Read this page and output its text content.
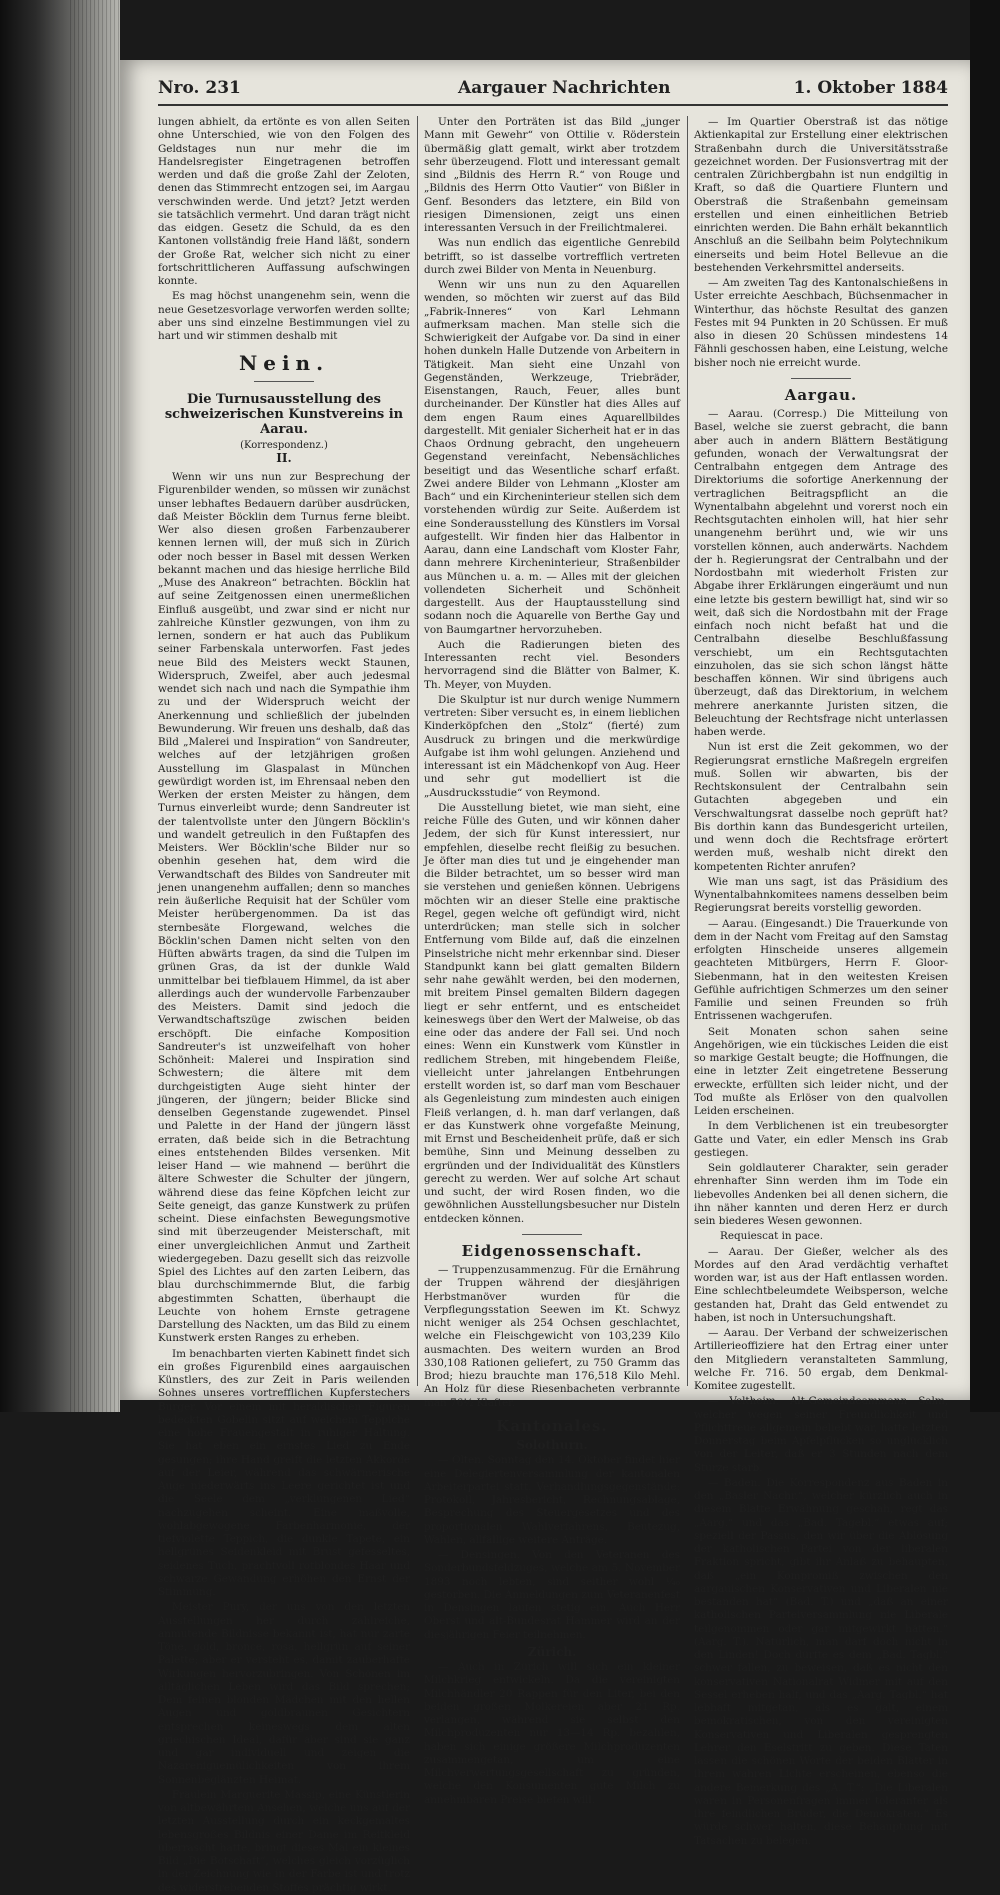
Nro. 231	Aargauer Nachrichten	1. Oktober 1884

lungen abhielt, da ertönte es von allen Seiten ohne Unterschied, wie von den Folgen des Geldstages nun nur mehr die im Handelsregister Eingetragenen betroffen werden und daß die große Zahl der Zeloten, denen das Stimmrecht entzogen sei, im Aargau verschwinden werde. Und jetzt? Jetzt werden sie tatsächlich vermehrt. Und daran trägt nicht das eidgen. Gesetz die Schuld, da es den Kantonen vollständig freie Hand läßt, sondern der Große Rat, welcher sich nicht zu einer fortschrittlicheren Auffassung aufschwingen konnte.

Es mag höchst unangenehm sein, wenn die neue Gesetzesvorlage verworfen werden sollte; aber uns sind einzelne Bestimmungen viel zu hart und wir stimmen deshalb mit

Nein.
Die Turnusausstellung des schweizerischen Kunstvereins in Aarau.
(Korrespondenz.)
II.

Wenn wir uns nun zur Besprechung der Figurenbilder wenden, so müssen wir zunächst unser lebhaftes Bedauern darüber ausdrücken, daß Meister Böcklin dem Turnus ferne bleibt. Wer also diesen großen Farbenzauberer kennen lernen will, der muß sich in Zürich oder noch besser in Basel mit dessen Werken bekannt machen und das hiesige herrliche Bild „Muse des Anakreon“ betrachten. Böcklin hat auf seine Zeitgenossen einen unermeßlichen Einfluß ausgeübt, und zwar sind er nicht nur zahlreiche Künstler gezwungen, von ihm zu lernen, sondern er hat auch das Publikum seiner Farbenskala unterworfen. Fast jedes neue Bild des Meisters weckt Staunen, Widerspruch, Zweifel, aber auch jedesmal wendet sich nach und nach die Sympathie ihm zu und der Widerspruch weicht der Anerkennung und schließlich der jubelnden Bewunderung. Wir freuen uns deshalb, daß das Bild „Malerei und Inspiration“ von Sandreuter, welches auf der letzjährigen großen Ausstellung im Glaspalast in München gewürdigt worden ist, im Ehrensaal neben den Werken der ersten Meister zu hängen, dem Turnus einverleibt wurde; denn Sandreuter ist der talentvollste unter den Jüngern Böcklin's und wandelt getreulich in den Fußtapfen des Meisters. Wer Böcklin'sche Bilder nur so obenhin gesehen hat, dem wird die Verwandtschaft des Bildes von Sandreuter mit jenen unangenehm auffallen; denn so manches rein äußerliche Requisit hat der Schüler vom Meister herübergenommen. Da ist das sternbesäte Florgewand, welches die Böcklin'schen Damen nicht selten von den Hüften abwärts tragen, da sind die Tulpen im grünen Gras, da ist der dunkle Wald unmittelbar bei tiefblauem Himmel, da ist aber allerdings auch der wundervolle Farbenzauber des Meisters. Damit sind jedoch die Verwandtschaftszüge zwischen beiden erschöpft. Die einfache Komposition Sandreuter's ist unzweifelhaft von hoher Schönheit: Malerei und Inspiration sind Schwestern; die ältere mit dem durchgeistigten Auge sieht hinter der jüngeren, der jüngern; beider Blicke sind denselben Gegenstande zugewendet. Pinsel und Palette in der Hand der jüngern lässt erraten, daß beide sich in die Betrachtung eines entstehenden Bildes versenken. Mit leiser Hand — wie mahnend — berührt die ältere Schwester die Schulter der jüngern, während diese das feine Köpfchen leicht zur Seite geneigt, das ganze Kunstwerk zu prüfen scheint. Diese einfachsten Bewegungsmotive sind mit überzeugender Meisterschaft, mit einer unvergleichlichen Anmut und Zartheit wiedergegeben. Dazu gesellt sich das reizvolle Spiel des Lichtes auf den zarten Leibern, das blau durchschimmernde Blut, die farbig abgestimmten Schatten, überhaupt die Leuchte von hohem Ernste getragene Darstellung des Nackten, um das Bild zu einem Kunstwerk ersten Ranges zu erheben.

Im benachbarten vierten Kabinett findet sich ein großes Figurenbild eines aargauischen Künstlers, des zur Zeit in Paris weilenden Sohnes unseres vortrefflichen Kupferstechers Burger. Vor einem mit heraldischen Figuren bedeckten Gobelin sitzt auf weichem Teppiche eine hohe Frauengestalt in ruhiger Haltung. Sie hat eben ein ernstes Lied zu Ende gesungen; ihre Hand greift die letzten Akkorde auf der Leier, während das schwärmerische Auge niederwärts ins Leere gerichtet ist und die Seele dem „verklungenen Lied“ nachzugehen scheint. Eine maßvolle, wohlabgewogene Farbenharmonie, der tiefviolette Teppich, die dunkle Tapete, ein hellgrünes Seidenkleid mit Brust gefesseltes, seidenes Tuch, prachtvoll rotblondes Haar und schwarze Gewandung erhöhen den Ernst der Stimmung.

Meister Pury, der uns von den letzten Ausstellungen her durch zahlreiche, anmutende Bildnisse bekannt ist, hat nur zarte Töne, gold, bronce, rosa, hellgrün auf seiner Palette; aber er versteht es, damit zauberhafte Wirkungen hervorzubringen. Von Schönen im alltäglichen Leben wird das Bild sprechen; Dem feinen blonden Mädchen mit den hellen Augen und goldbraunen Gesichtern entsprechen keineswegs dem alten griechischen Ideal, dafür aber sind sie ganz und gar individuell und zeigen die Nazareniguemülichkeiten von ihrem Sonnenbeglänzten Heimat.

Fräulein Marguerite Massip, eine Künstlerin von altbewährtem Ansehen, welche uns auf der letzten Ausstellung durch ein keckgemaltes lebensgroßes Bildnis einer Dame im Reitkleid überrascht hatte, bringt dieses Mal ein kleines Bild „Die Botschaft“, welches gleich vorzüglich in der Zeichnung wie in der Farbe ist und trotz des widerstrebenden Stoffes prächtig wirkt.

Unter den Porträten ist das Bild „junger Mann mit Gewehr“ von Ottilie v. Röderstein übermäßig glatt gemalt, wirkt aber trotzdem sehr überzeugend. Flott und interessant gemalt sind „Bildnis des Herrn R.“ von Rouge und „Bildnis des Herrn Otto Vautier“ von Bißler in Genf. Besonders das letztere, ein Bild von riesigen Dimensionen, zeigt uns einen interessanten Versuch in der Freilichtmalerei.

Was nun endlich das eigentliche Genrebild betrifft, so ist dasselbe vortrefflich vertreten durch zwei Bilder von Menta in Neuenburg.

Wenn wir uns nun zu den Aquarellen wenden, so möchten wir zuerst auf das Bild „Fabrik-Inneres“ von Karl Lehmann aufmerksam machen. Man stelle sich die Schwierigkeit der Aufgabe vor. Da sind in einer hohen dunkeln Halle Dutzende von Arbeitern in Tätigkeit. Man sieht eine Unzahl von Gegenständen, Werkzeuge, Triebräder, Eisenstangen, Rauch, Feuer, alles bunt durcheinander. Der Künstler hat dies Alles auf dem engen Raum eines Aquarellbildes dargestellt. Mit genialer Sicherheit hat er in das Chaos Ordnung gebracht, den ungeheuern Gegenstand vereinfacht, Nebensächliches beseitigt und das Wesentliche scharf erfaßt. Zwei andere Bilder von Lehmann „Kloster am Bach“ und ein Kircheninterieur stellen sich dem vorstehenden würdig zur Seite. Außerdem ist eine Sonderausstellung des Künstlers im Vorsal aufgestellt. Wir finden hier das Halbentor in Aarau, dann eine Landschaft vom Kloster Fahr, dann mehrere Kircheninterieur, Straßenbilder aus München u. a. m. — Alles mit der gleichen vollendeten Sicherheit und Schönheit dargestellt. Aus der Hauptausstellung sind sodann noch die Aquarelle von Berthe Gay und von Baumgartner hervorzuheben.

Auch die Radierungen bieten des Interessanten recht viel. Besonders hervorragend sind die Blätter von Balmer, K. Th. Meyer, von Muyden.

Die Skulptur ist nur durch wenige Nummern vertreten: Siber versucht es, in einem lieblichen Kinderköpfchen den „Stolz“ (fierté) zum Ausdruck zu bringen und die merkwürdige Aufgabe ist ihm wohl gelungen. Anziehend und interessant ist ein Mädchenkopf von Aug. Heer und sehr gut modelliert ist die „Ausdrucksstudie“ von Reymond.

Die Ausstellung bietet, wie man sieht, eine reiche Fülle des Guten, und wir können daher Jedem, der sich für Kunst interessiert, nur empfehlen, dieselbe recht fleißig zu besuchen. Je öfter man dies tut und je eingehender man die Bilder betrachtet, um so besser wird man sie verstehen und genießen können. Uebrigens möchten wir an dieser Stelle eine praktische Regel, gegen welche oft gefündigt wird, nicht unterdrücken; man stelle sich in solcher Entfernung vom Bilde auf, daß die einzelnen Pinselstriche nicht mehr erkennbar sind. Dieser Standpunkt kann bei glatt gemalten Bildern sehr nahe gewählt werden, bei den modernen, mit breitem Pinsel gemalten Bildern dagegen liegt er sehr entfernt, und es entscheidet keineswegs über den Wert der Malweise, ob das eine oder das andere der Fall sei. Und noch eines: Wenn ein Kunstwerk vom Künstler in redlichem Streben, mit hingebendem Fleiße, vielleicht unter jahrelangen Entbehrungen erstellt worden ist, so darf man vom Beschauer als Gegenleistung zum mindesten auch einigen Fleiß verlangen, d. h. man darf verlangen, daß er das Kunstwerk ohne vorgefaßte Meinung, mit Ernst und Bescheidenheit prüfe, daß er sich bemühe, Sinn und Meinung desselben zu ergründen und der Individualität des Künstlers gerecht zu werden. Wer auf solche Art schaut und sucht, der wird Rosen finden, wo die gewöhnlichen Ausstellungsbesucher nur Disteln entdecken können.

Eidgenossenschaft.

— Truppenzusammenzug. Für die Ernährung der Truppen während der diesjährigen Herbstmanöver wurden für die Verpflegungsstation Seewen im Kt. Schwyz nicht weniger als 254 Ochsen geschlachtet, welche ein Fleischgewicht von 103,239 Kilo ausmachten. Des weitern wurden an Brod 330,108 Rationen geliefert, zu 750 Gramm das Brod; hiezu brauchte man 176,518 Kilo Mehl. An Holz für diese Riesenbacheten verbrannte man 76½ Klafter.

Kantonales.
Solothurn.

— Olten. Sonntag den 14. Oktober findet hier eine Delegiertenversammlung der kantonalen Arbeiterpartei statt. Verhandlungsgegenstände: Protokoll, Jahresbericht, Rechnungsablage, Besprechung des Steuergesetzes und des proportionalen Wahlverfahrens, Beutezug, Wahlen, allfällige weitere Anträge.

— Densingen. Von den Veteranen des Sonderbundsfeldzuges, welche am 5. November 1893 noch lebten, sind seither wohl ¼₀ gestorben. Die Anmeldungen zum Veteranenfest in Densingen laufen stetig ein. Auch Herr Oberst und alt-Bundesrat Hammer wird an der diesjährigen Feier teilnehmen.

Zürich.

— Auch in Zürich will sich ein kleiner Milchkrieg entwickeln. Da die vereinigten Milchhändler 20 Rappen für den Liter, bei den beiden großen Molkereien aber 21 Rp. verlangen, während sie selbst den Milchproduzenten nur 13—14 Rp. bezahlen, haben sich einige größere Milchproduzenten zusammengetan, um eine Milchverwertungsgesellschaft zu gründen, welche den Konsumenten gute Milch zu annehmbaren Preise bieten will.

— Im Quartier Oberstraß ist das nötige Aktienkapital zur Erstellung einer elektrischen Straßenbahn durch die Universitätsstraße gezeichnet worden. Der Fusionsvertrag mit der centralen Zürichbergbahn ist nun endgiltig in Kraft, so daß die Quartiere Fluntern und Oberstraß die Straßenbahn gemeinsam erstellen und einen einheitlichen Betrieb einrichten werden. Die Bahn erhält bekanntlich Anschluß an die Seilbahn beim Polytechnikum einerseits und beim Hotel Bellevue an die bestehenden Verkehrsmittel anderseits.

— Am zweiten Tag des Kantonalschießens in Uster erreichte Aeschbach, Büchsenmacher in Winterthur, das höchste Resultat des ganzen Festes mit 94 Punkten in 20 Schüssen. Er muß also in diesen 20 Schüssen mindestens 14 Fähnli geschossen haben, eine Leistung, welche bisher noch nie erreicht wurde.

Aargau.

— Aarau. (Corresp.) Die Mitteilung von Basel, welche sie zuerst gebracht, die bann aber auch in andern Blättern Bestätigung gefunden, wonach der Verwaltungsrat der Centralbahn entgegen dem Antrage des Direktoriums die sofortige Anerkennung der vertraglichen Beitragspflicht an die Wynentalbahn abgelehnt und vorerst noch ein Rechtsgutachten einholen will, hat hier sehr unangenehm berührt und, wie wir uns vorstellen können, auch anderwärts. Nachdem der h. Regierungsrat der Centralbahn und der Nordostbahn mit wiederholt Fristen zur Abgabe ihrer Erklärungen eingeräumt und nun eine letzte bis gestern bewilligt hat, sind wir so weit, daß sich die Nordostbahn mit der Frage einfach noch nicht befaßt hat und die Centralbahn dieselbe Beschlußfassung verschiebt, um ein Rechtsgutachten einzuholen, das sie sich schon längst hätte beschaffen können. Wir sind übrigens auch überzeugt, daß das Direktorium, in welchem mehrere anerkannte Juristen sitzen, die Beleuchtung der Rechtsfrage nicht unterlassen haben werde.

Nun ist erst die Zeit gekommen, wo der Regierungsrat ernstliche Maßregeln ergreifen muß. Sollen wir abwarten, bis der Rechtskonsulent der Centralbahn sein Gutachten abgegeben und ein Verschwaltungsrat dasselbe noch geprüft hat? Bis dorthin kann das Bundesgericht urteilen, und wenn doch die Rechtsfrage erörtert werden muß, weshalb nicht direkt den kompetenten Richter anrufen?

Wie man uns sagt, ist das Präsidium des Wynentalbahnkomitees namens desselben beim Regierungsrat bereits vorstellig geworden.

— Aarau. (Eingesandt.) Die Trauerkunde von dem in der Nacht vom Freitag auf den Samstag erfolgten Hinscheide unseres allgemein geachteten Mitbürgers, Herrn F. Gloor-Siebenmann, hat in den weitesten Kreisen Gefühle aufrichtigen Schmerzes um den seiner Familie und seinen Freunden so früh Entrissenen wachgerufen.

Seit Monaten schon sahen seine Angehörigen, wie ein tückisches Leiden die eist so markige Gestalt beugte; die Hoffnungen, die eine in letzter Zeit eingetretene Besserung erweckte, erfüllten sich leider nicht, und der Tod mußte als Erlöser von den qualvollen Leiden erscheinen.

In dem Verblichenen ist ein treubesorgter Gatte und Vater, ein edler Mensch ins Grab gestiegen.

Sein goldlauterer Charakter, sein gerader ehrenhafter Sinn werden ihm im Tode ein liebevolles Andenken bei all denen sichern, die ihn näher kannten und deren Herz er durch sein biederes Wesen gewonnen.

Requiescat in pace.

— Aarau. Der Gießer, welcher als des Mordes auf den Arad verdächtig verhaftet worden war, ist aus der Haft entlassen worden. Eine schlechtbeleumdete Weibsperson, welche gestanden hat, Draht das Geld entwendet zu haben, ist noch in Untersuchungshaft.

— Aarau. Der Verband der schweizerischen Artillerieoffiziere hat den Ertrag einer unter den Mitgliedern veranstalteten Sammlung, welche Fr. 716. 50 ergab, dem Denkmal-Komitee zugestellt.

— Veltheim. Alt-Gemeindeammann Salm, welcher wegen seiner Freundlichkeit und Pflichttreue allgemein beliebt war, hatte letzten Donnerstag beim Apfelpflücken so unglücklich von der Leiter, daß er 3 Stunden nach dem Sturze starb.

— Baden. Die Korrespondenz aus Baden in den „Basler Nachr.“, welcher kürzlich auch in diesem Blatte Erwähnung geschah, regt das „Aarg.“ und das „Bad. Tagebl.“ etwas auf; speziell der Passus, den wir über die Ablösung der katholischen Partei von der liberalen Fraktion spricht, gibt ihr Anlaß zu behaupten, daß „ein Kompromiß zwischen den aargauischen Konservativen und Liberalen nie bestanden hat“ (Bad. T.) und „daß an einer katholischen Parteiversammlung nie Liberale teilgenommen oder gar mitgewirkt hätten.“ (Aarg. T.). Natürlich, man darf doch nicht in den Linden! Doch dürfte es dem „Bad. Tagbl.“ schwer fallen, zu beweisen, daß es nicht den konservativen Nationalrat Widmer mit auf den Sessel erheben half, und das „Aarg. Tagbl.“ hat lebhaft mitgetan, als es galt, einem bemokratischen, von den vereinigten Konservativen und Liberalen gesprengten Lehrer den Eselstritt zu geben. Diese Taten lassen die schönen Worte der beiden Blätter in ihrem wahren Lichte erscheinen, ebenso die andere Bemerkung des „A. T.“: „Die Liberalen waren in Personenfragen immer toleranter als ihre feindlichen Brüder, die Demokraten.“ Es würde schwer halten, diese Behauptung mit Tatsachen zu belegen.
